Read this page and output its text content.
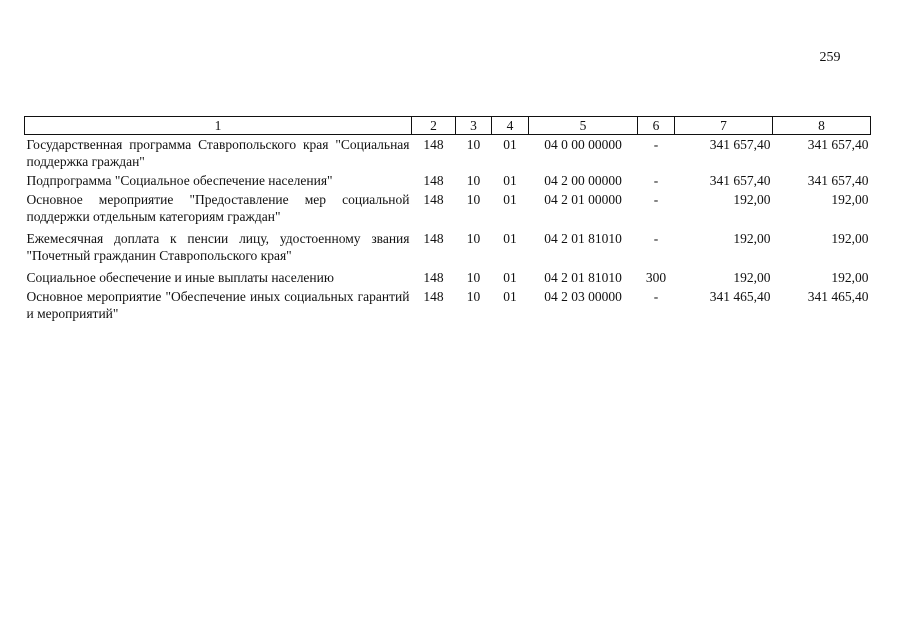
259
1	2	3	4	5	6	7	8
Государственная программа Ставропольского края "Социальная поддержка граждан"	148	10	01	04 0 00 00000	-	341 657,40	341 657,40
Подпрограмма "Социальное обеспечение населения"	148	10	01	04 2 00 00000	-	341 657,40	341 657,40
Основное мероприятие "Предоставление мер социальной поддержки отдельным категориям граждан"	148	10	01	04 2 01 00000	-	192,00	192,00
Ежемесячная доплата к пенсии лицу, удостоенному звания "Почетный гражданин Ставропольского края"	148	10	01	04 2 01 81010	-	192,00	192,00
Социальное обеспечение и иные выплаты населению	148	10	01	04 2 01 81010	300	192,00	192,00
Основное мероприятие "Обеспечение иных социальных гарантий и мероприятий"	148	10	01	04 2 03 00000	-	341 465,40	341 465,40
